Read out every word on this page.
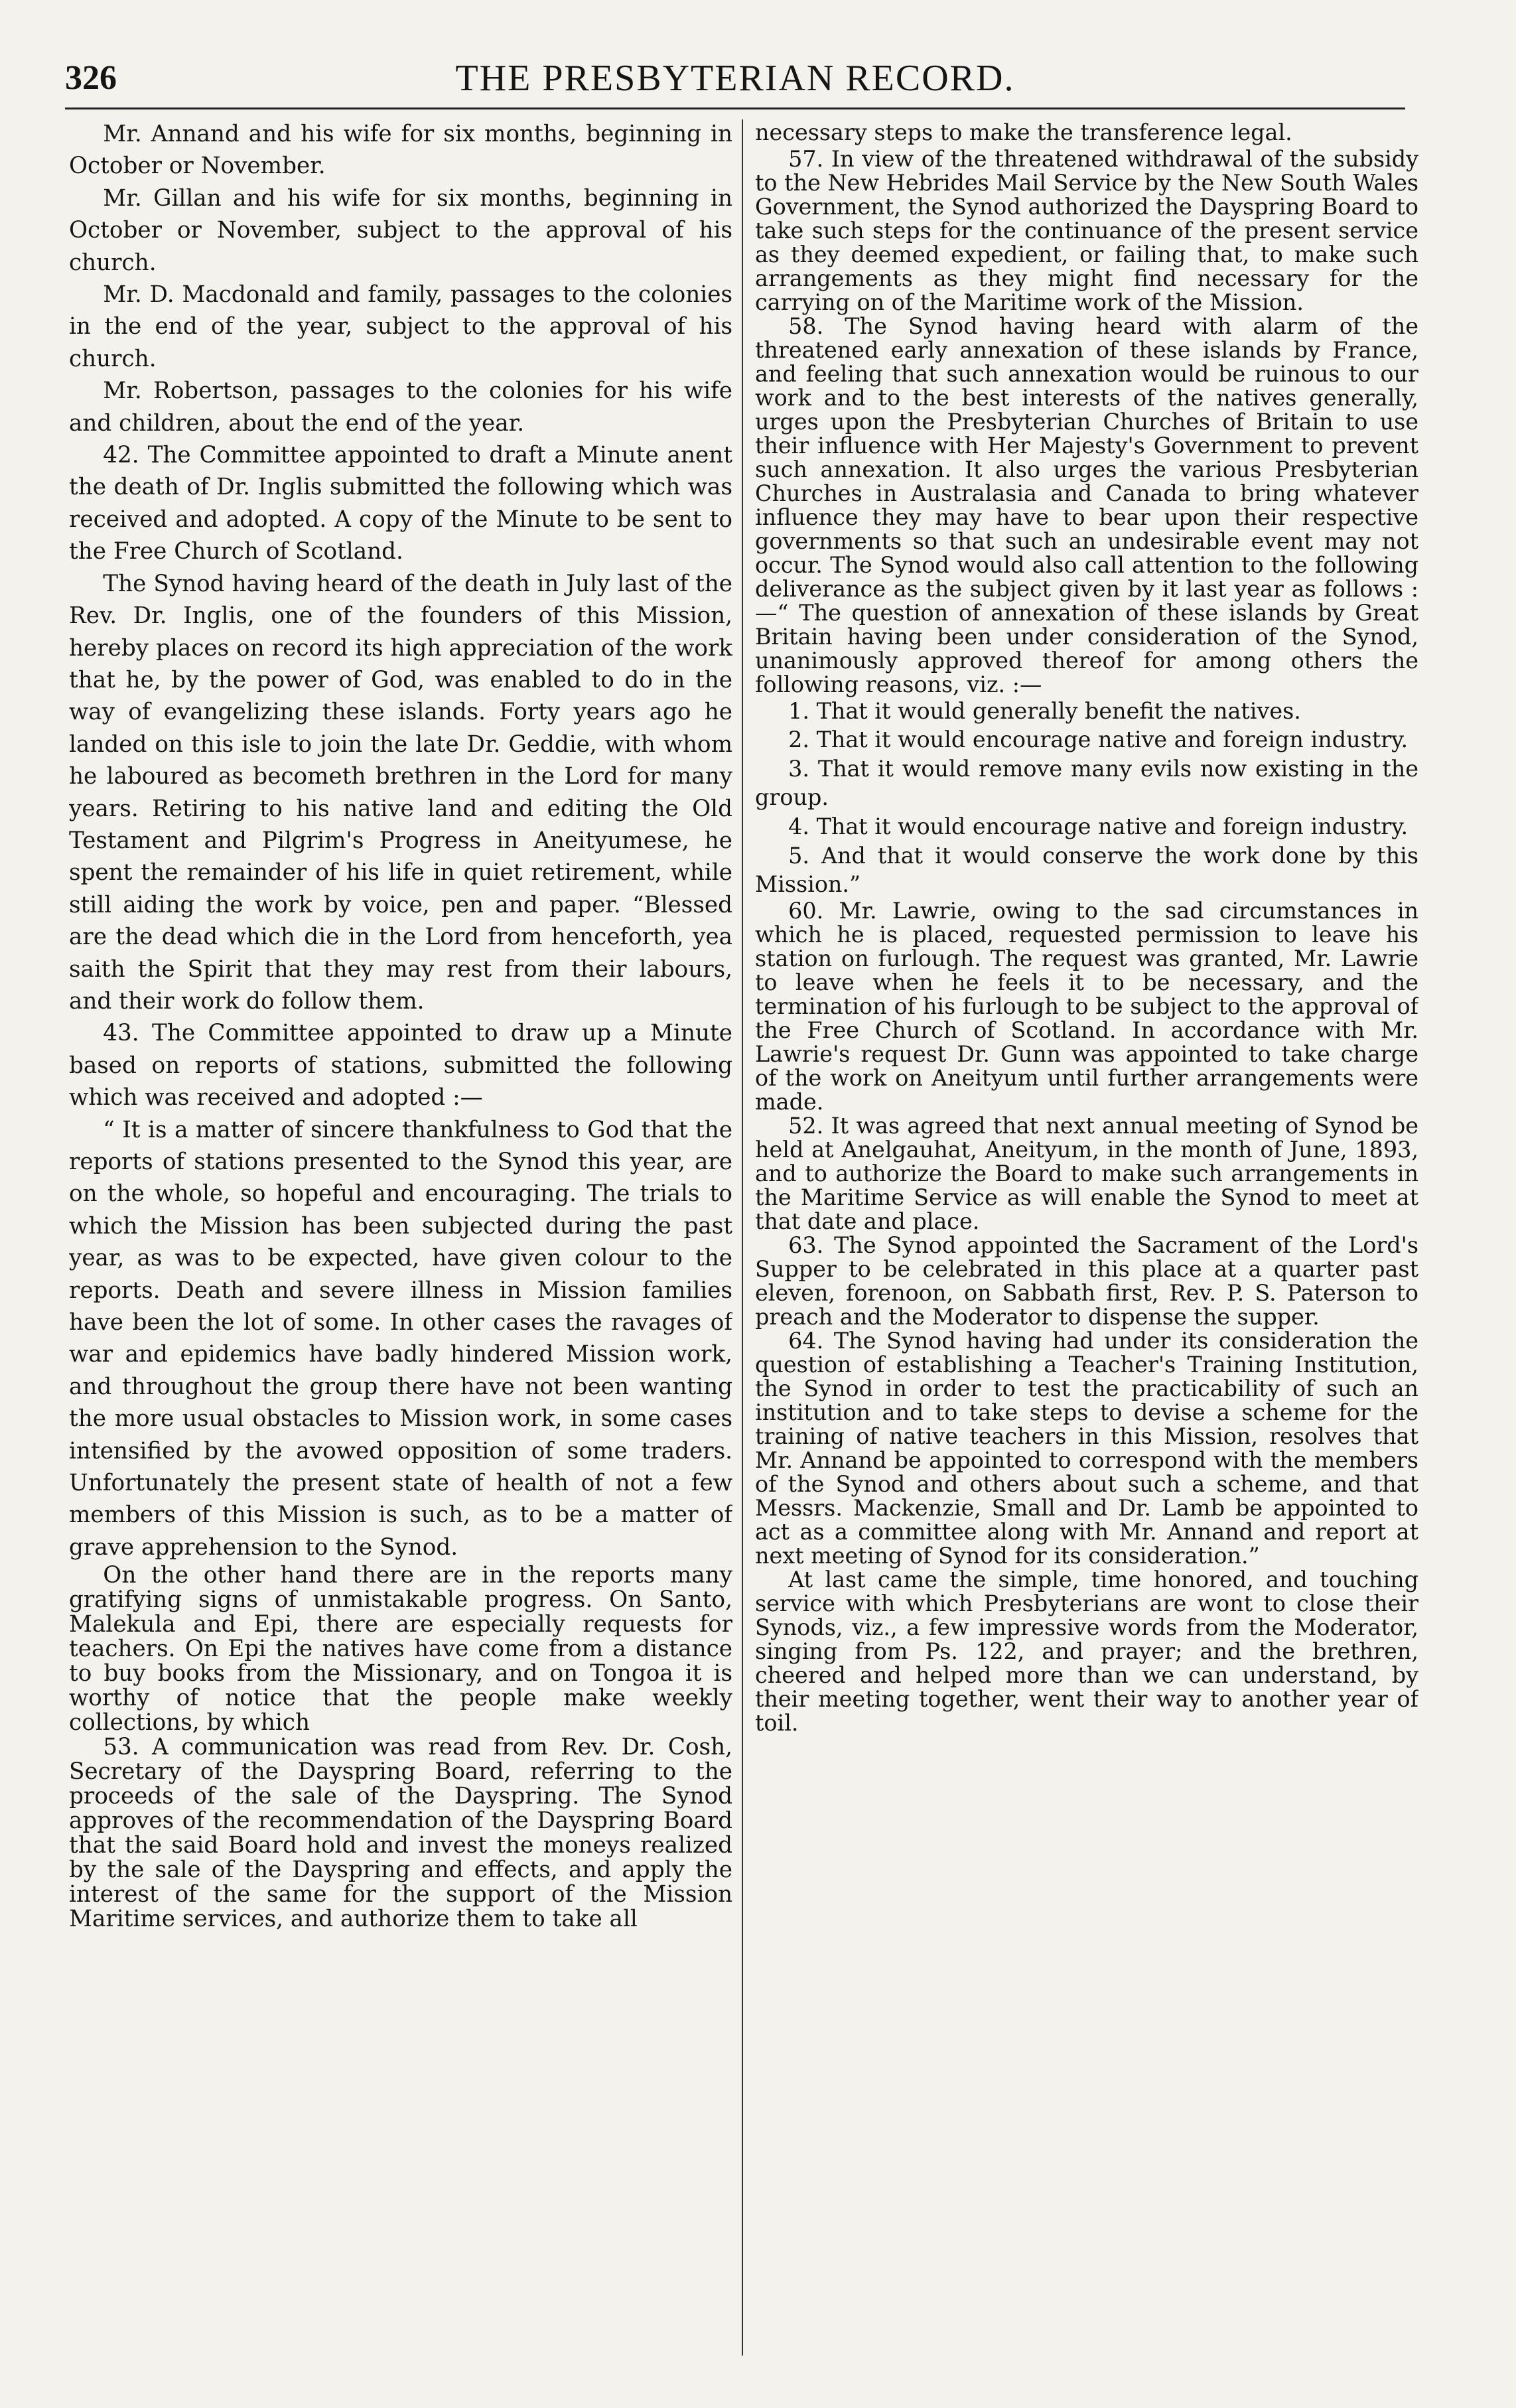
326	THE PRESBYTERIAN RECORD.

Mr. Annand and his wife for six months, beginning in October or November.

Mr. Gillan and his wife for six months, beginning in October or November, subject to the approval of his church.

Mr. D. Macdonald and family, passages to the colonies in the end of the year, subject to the approval of his church.

Mr. Robertson, passages to the colonies for his wife and children, about the end of the year.

42. The Committee appointed to draft a Minute anent the death of Dr. Inglis submitted the following which was received and adopted. A copy of the Minute to be sent to the Free Church of Scotland.

The Synod having heard of the death in July last of the Rev. Dr. Inglis, one of the founders of this Mission, hereby places on record its high appreciation of the work that he, by the power of God, was enabled to do in the way of evangelizing these islands. Forty years ago he landed on this isle to join the late Dr. Geddie, with whom he laboured as becometh brethren in the Lord for many years. Retiring to his native land and editing the Old Testament and Pilgrim's Progress in Aneityumese, he spent the remainder of his life in quiet retirement, while still aiding the work by voice, pen and paper. “Blessed are the dead which die in the Lord from henceforth, yea saith the Spirit that they may rest from their labours, and their work do follow them.

43. The Committee appointed to draw up a Minute based on reports of stations, submitted the following which was received and adopted :—

“ It is a matter of sincere thankfulness to God that the reports of stations presented to the Synod this year, are on the whole, so hopeful and encouraging. The trials to which the Mission has been subjected during the past year, as was to be expected, have given colour to the reports. Death and severe illness in Mission families have been the lot of some. In other cases the ravages of war and epidemics have badly hindered Mission work, and throughout the group there have not been wanting the more usual obstacles to Mission work, in some cases intensified by the avowed opposition of some traders. Unfortunately the present state of health of not a few members of this Mission is such, as to be a matter of grave apprehension to the Synod.

On the other hand there are in the reports many gratifying signs of unmistakable progress. On Santo, Malekula and Epi, there are especially requests for teachers. On Epi the natives have come from a distance to buy books from the Missionary, and on Tongoa it is worthy of notice that the people make weekly collections, by which

53. A communication was read from Rev. Dr. Cosh, Secretary of the Dayspring Board, referring to the proceeds of the sale of the Dayspring. The Synod approves of the recommendation of the Dayspring Board that the said Board hold and invest the moneys realized by the sale of the Dayspring and effects, and apply the interest of the same for the support of the Mission Maritime services, and authorize them to take all

necessary steps to make the transference legal.

57. In view of the threatened withdrawal of the subsidy to the New Hebrides Mail Service by the New South Wales Government, the Synod authorized the Dayspring Board to take such steps for the continuance of the present service as they deemed expedient, or failing that, to make such arrangements as they might find necessary for the carrying on of the Maritime work of the Mission.

58. The Synod having heard with alarm of the threatened early annexation of these islands by France, and feeling that such annexation would be ruinous to our work and to the best interests of the natives generally, urges upon the Presbyterian Churches of Britain to use their influence with Her Majesty's Government to prevent such annexation. It also urges the various Presbyterian Churches in Australasia and Canada to bring whatever influence they may have to bear upon their respective governments so that such an undesirable event may not occur. The Synod would also call attention to the following deliverance as the subject given by it last year as follows :—“ The question of annexation of these islands by Great Britain having been under consideration of the Synod, unanimously approved thereof for among others the following reasons, viz. :—

1. That it would generally benefit the natives.

2. That it would encourage native and foreign industry.

3. That it would remove many evils now existing in the group.

4. That it would encourage native and foreign industry.

5. And that it would conserve the work done by this Mission.”

60. Mr. Lawrie, owing to the sad circumstances in which he is placed, requested permission to leave his station on furlough. The request was granted, Mr. Lawrie to leave when he feels it to be necessary, and the termination of his furlough to be subject to the approval of the Free Church of Scotland. In accordance with Mr. Lawrie's request Dr. Gunn was appointed to take charge of the work on Aneityum until further arrangements were made.

52. It was agreed that next annual meeting of Synod be held at Anelgauhat, Aneityum, in the month of June, 1893, and to authorize the Board to make such arrangements in the Maritime Service as will enable the Synod to meet at that date and place.

63. The Synod appointed the Sacrament of the Lord's Supper to be celebrated in this place at a quarter past eleven, forenoon, on Sabbath first, Rev. P. S. Paterson to preach and the Moderator to dispense the supper.

64. The Synod having had under its consideration the question of establishing a Teacher's Training Institution, the Synod in order to test the practicability of such an institution and to take steps to devise a scheme for the training of native teachers in this Mission, resolves that Mr. Annand be appointed to correspond with the members of the Synod and others about such a scheme, and that Messrs. Mackenzie, Small and Dr. Lamb be appointed to act as a committee along with Mr. Annand and report at next meeting of Synod for its consideration.”

At last came the simple, time honored, and touching service with which Presbyterians are wont to close their Synods, viz., a few impressive words from the Moderator, singing from Ps. 122, and prayer; and the brethren, cheered and helped more than we can understand, by their meeting together, went their way to another year of toil.
